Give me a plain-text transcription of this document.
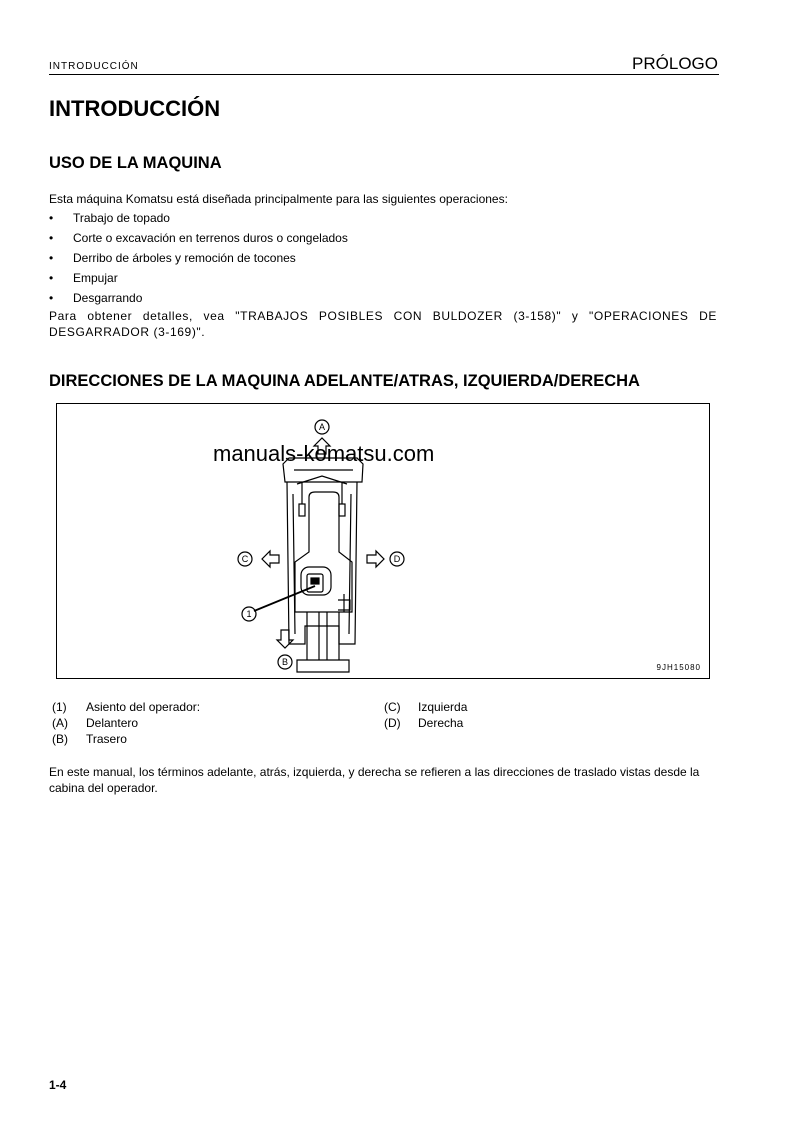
INTRODUCCIÓN	PRÓLOGO
INTRODUCCIÓN
USO DE LA MAQUINA
Esta máquina Komatsu está diseñada principalmente para las siguientes operaciones:
• Trabajo de topado
• Corte o excavación en terrenos duros o congelados
• Derribo de árboles y remoción de tocones
• Empujar
• Desgarrando
Para obtener detalles, vea "TRABAJOS POSIBLES CON BULDOZER (3-158)" y "OPERACIONES DE DESGARRADOR (3-169)".
DIRECCIONES DE LA MAQUINA ADELANTE/ATRAS, IZQUIERDA/DERECHA
A
B
C	D
1
manuals-komatsu.com
9JH15080
(1) Asiento del operador:
(A) Delantero
(B) Trasero
(C) Izquierda
(D) Derecha
En este manual, los términos adelante, atrás, izquierda, y derecha se refieren a las direcciones de traslado vistas desde la cabina del operador.
1-4
